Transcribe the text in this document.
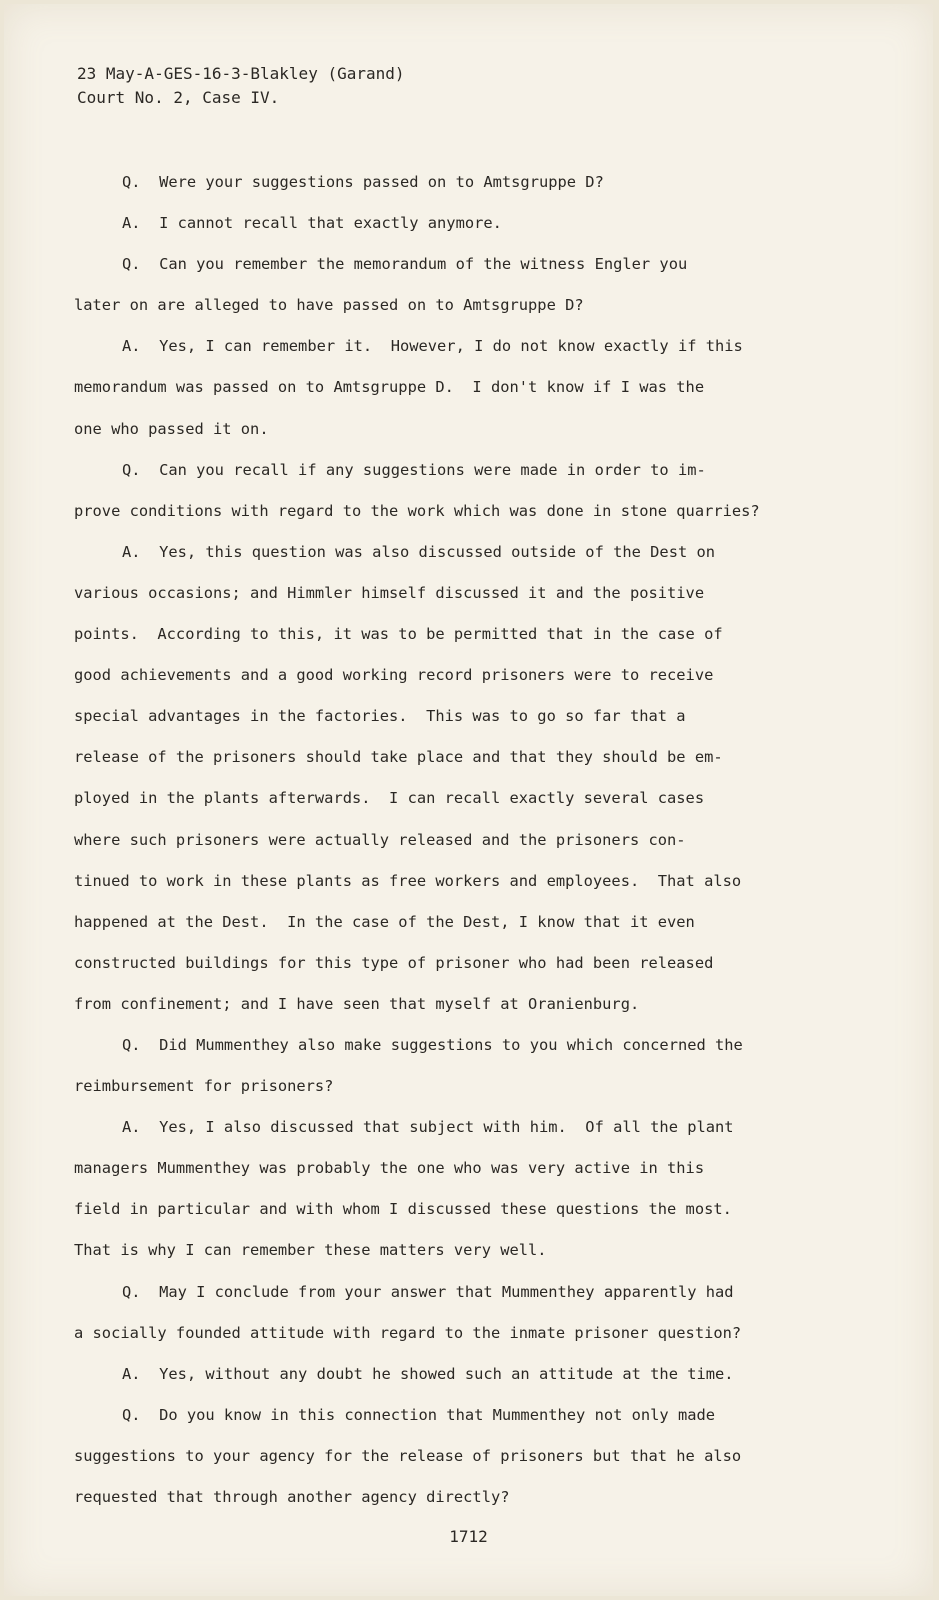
23 May-A-GES-16-3-Blakley (Garand)
Court No. 2, Case IV.
Q.  Were your suggestions passed on to Amtsgruppe D?
A.  I cannot recall that exactly anymore.
Q.  Can you remember the memorandum of the witness Engler you
later on are alleged to have passed on to Amtsgruppe D?
A.  Yes, I can remember it.  However, I do not know exactly if this
memorandum was passed on to Amtsgruppe D.  I don't know if I was the
one who passed it on.
Q.  Can you recall if any suggestions were made in order to im-
prove conditions with regard to the work which was done in stone quarries?
A.  Yes, this question was also discussed outside of the Dest on
various occasions; and Himmler himself discussed it and the positive
points.  According to this, it was to be permitted that in the case of
good achievements and a good working record prisoners were to receive
special advantages in the factories.  This was to go so far that a
release of the prisoners should take place and that they should be em-
ployed in the plants afterwards.  I can recall exactly several cases
where such prisoners were actually released and the prisoners con-
tinued to work in these plants as free workers and employees.  That also
happened at the Dest.  In the case of the Dest, I know that it even
constructed buildings for this type of prisoner who had been released
from confinement; and I have seen that myself at Oranienburg.
Q.  Did Mummenthey also make suggestions to you which concerned the
reimbursement for prisoners?
A.  Yes, I also discussed that subject with him.  Of all the plant
managers Mummenthey was probably the one who was very active in this
field in particular and with whom I discussed these questions the most.
That is why I can remember these matters very well.
Q.  May I conclude from your answer that Mummenthey apparently had
a socially founded attitude with regard to the inmate prisoner question?
A.  Yes, without any doubt he showed such an attitude at the time.
Q.  Do you know in this connection that Mummenthey not only made
suggestions to your agency for the release of prisoners but that he also
requested that through another agency directly?
1712
